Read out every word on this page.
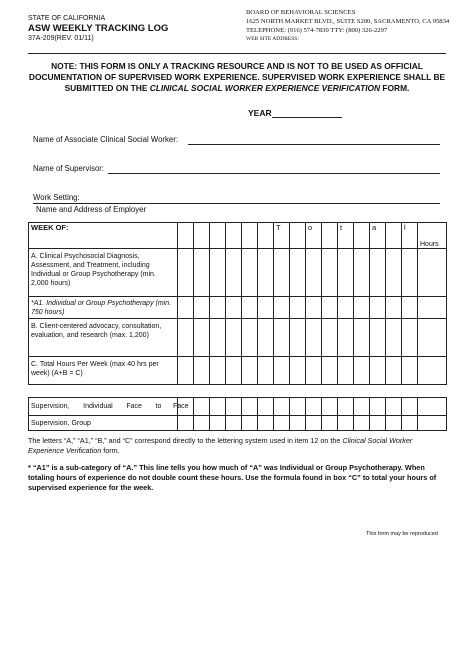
STATE OF CALIFORNIA
ASW WEEKLY TRACKING LOG
37A-209(REV. 01/11)
BOARD OF BEHAVIORAL SCIENCES
1625 NORTH MARKET BLVD., SUITE S200, SACRAMENTO, CA 95834
TELEPHONE: (916) 574-7830 TTY: (800) 326-2297
WEB SITE ADDRESS:
NOTE: THIS FORM IS ONLY A TRACKING RESOURCE AND IS NOT TO BE USED AS OFFICIAL
DOCUMENTATION OF SUPERVISED WORK EXPERIENCE. SUPERVISED WORK EXPERIENCE SHALL BE
SUBMITTED ON THE CLINICAL SOCIAL WORKER EXPERIENCE VERIFICATION FORM.
YEAR
Name of Associate Clinical Social Worker:
Name of Supervisor:
Work Setting:
Name and Address of Employer
WEEK OF:							T		o		t		a		l	Hours
A. Clinical Psychosocial Diagnosis, Assessment, and Treatment, including Individual or Group Psychotherapy (min. 2,000 hours)																
*A1. Individual or Group Psychotherapy (min. 750 hours)																
B. Client-centered advocacy, consultation, evaluation, and research (max. 1,200)																
C. Total Hours Per Week (max 40 hrs per week) (A+B = C)																
Supervision,       Individual       Face       to      Face																
Supervision, Group																
The letters “A,” “A1,” “B,” and “C” correspond directly to the lettering system used in item 12 on the Clinical Social Worker Experience Verification form.
* “A1” is a sub-category of “A.” This line tells you how much of “A” was Individual or Group Psychotherapy. When totaling hours of experience do not double count these hours. Use the formula found in box “C” to total your hours of supervised experience for the week.
This form may be reproduced
